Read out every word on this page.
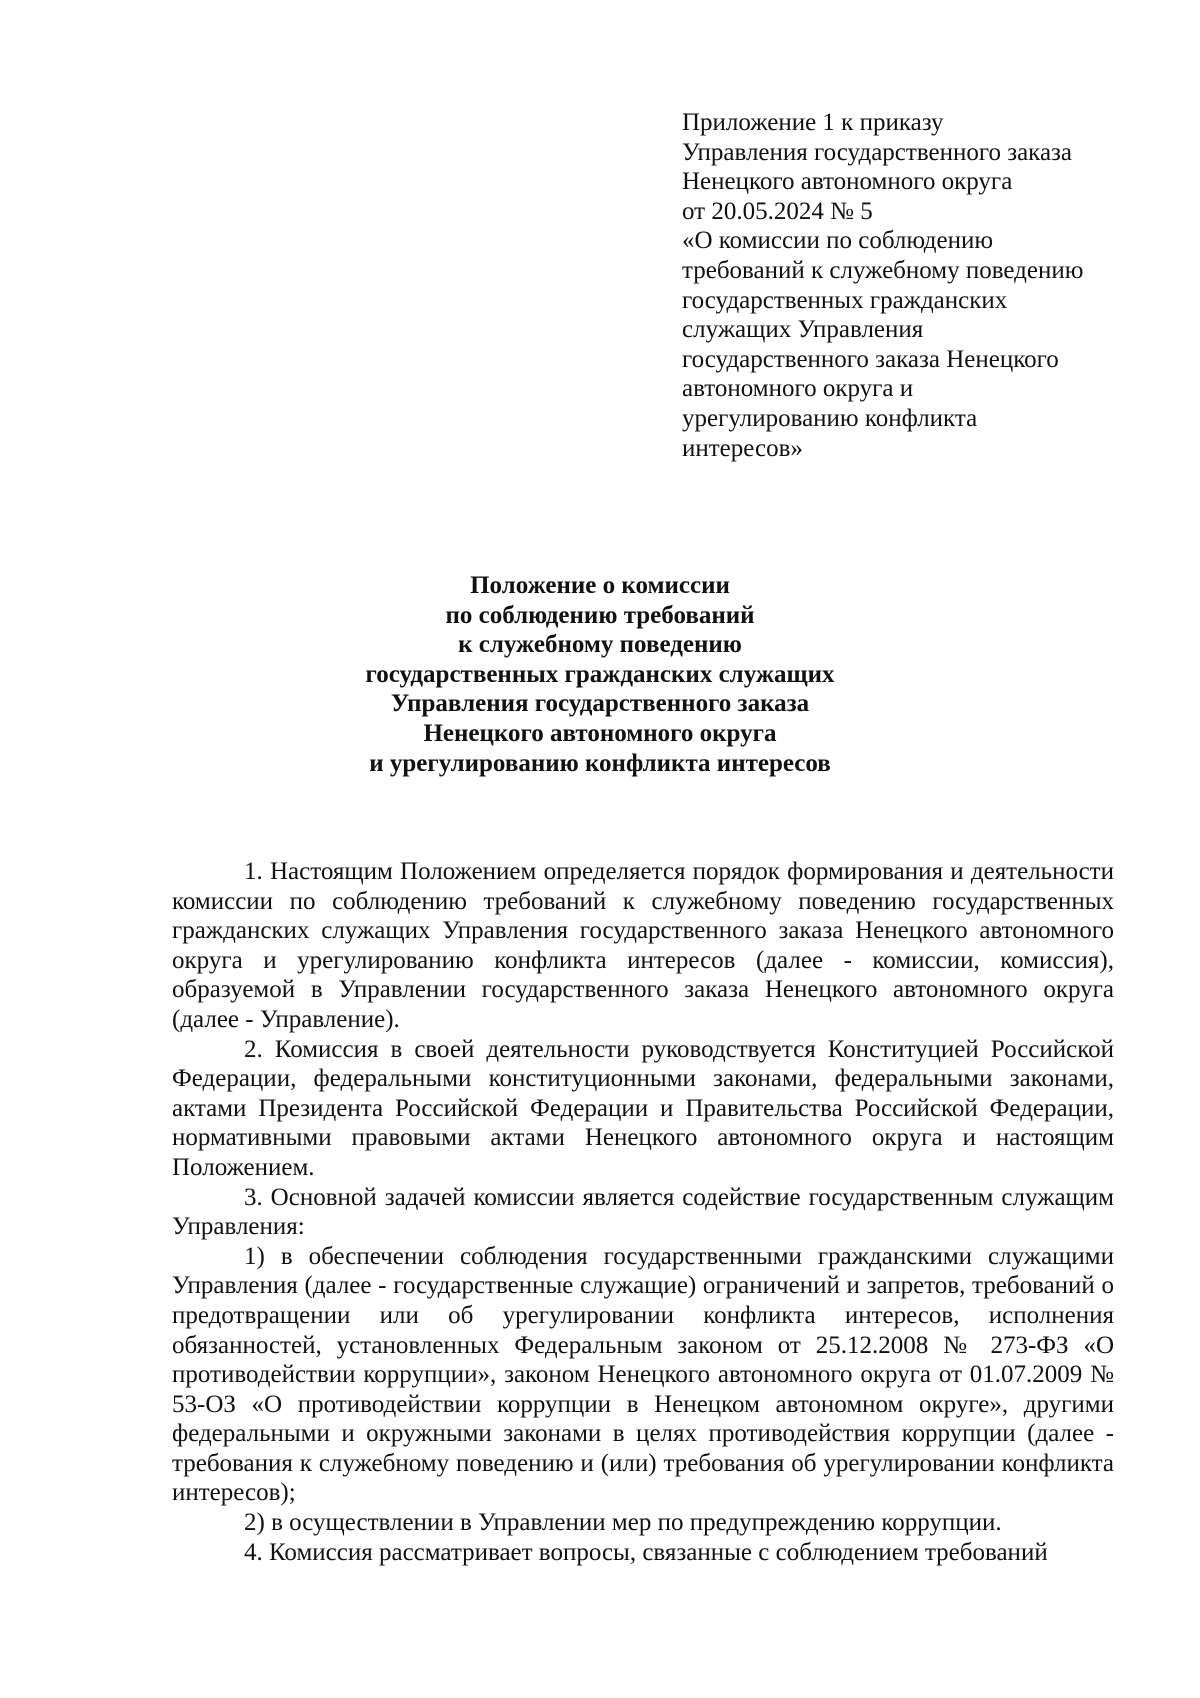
Приложение 1 к приказу
Управления государственного заказа
Ненецкого автономного округа
от 20.05.2024 № 5
«О комиссии по соблюдению
требований к служебному поведению
государственных гражданских
служащих Управления
государственного заказа Ненецкого
автономного округа и
урегулированию конфликта
интересов»
Положение о комиссии
по соблюдению требований
к служебному поведению
государственных гражданских служащих
Управления государственного заказа
Ненецкого автономного округа
и урегулированию конфликта интересов

1. Настоящим Положением определяется порядок формирования и деятельности комиссии по соблюдению требований к служебному поведению государственных гражданских служащих Управления государственного заказа Ненецкого автономного округа и урегулированию конфликта интересов (далее - комиссии, комиссия), образуемой в Управлении государственного заказа Ненецкого автономного округа (далее - Управление).

2. Комиссия в своей деятельности руководствуется Конституцией Российской Федерации, федеральными конституционными законами, федеральными законами, актами Президента Российской Федерации и Правительства Российской Федерации, нормативными правовыми актами Ненецкого автономного округа и настоящим Положением.

3. Основной задачей комиссии является содействие государственным служащим Управления:

1) в обеспечении соблюдения государственными гражданскими служащими Управления (далее - государственные служащие) ограничений и запретов, требований о предотвращении или об урегулировании конфликта интересов, исполнения обязанностей, установленных Федеральным законом от 25.12.2008 № 273-ФЗ «О противодействии коррупции», законом Ненецкого автономного округа от 01.07.2009 № 53-ОЗ «О противодействии коррупции в Ненецком автономном округе», другими федеральными и окружными законами в целях противодействия коррупции (далее - требования к служебному поведению и (или) требования об урегулировании конфликта интересов);

2) в осуществлении в Управлении мер по предупреждению коррупции.

4. Комиссия рассматривает вопросы, связанные с соблюдением требований
